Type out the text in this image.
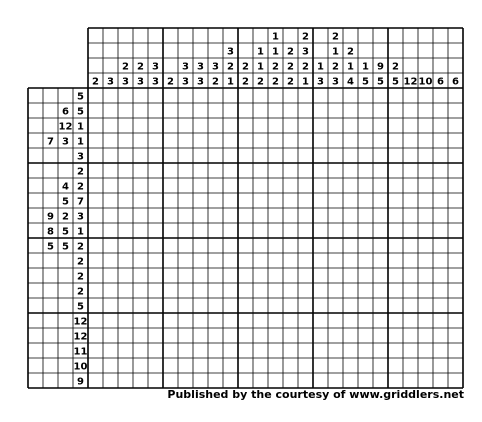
2 3
2
3
2
3
3
3 2
3
3
3
3
3
2
3
2
1
2
2
1
1
2
1
1
2
2
2
2
2
2
3
2
1
1
3
2
1
2
3
2
1
4
1
5
9
5
2
5 12 10 6 6
5
6 5
12 1
7 3 1
3
2
4 2
5 7
9 2 3
8 5 1
5 5 2
2
2
2
5
12
12
11
10
9
Published by the courtesy of www.griddlers.net
